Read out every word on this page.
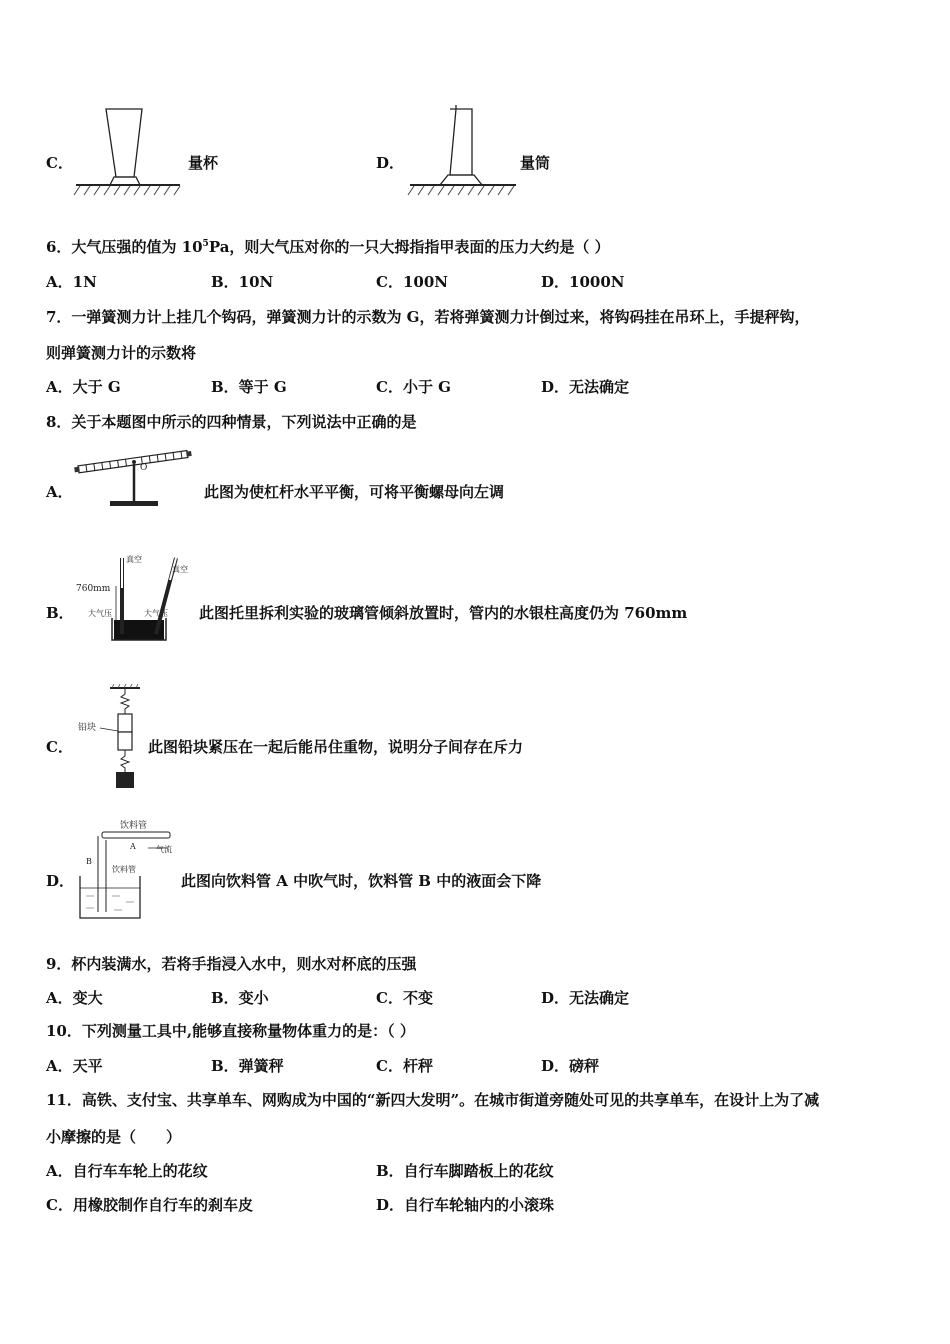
C．	量杯	D．	量筒
6．大气压强的值为 $10^5Pa$，则大气压对你的一只大拇指指甲表面的压力大约是（ ）
A．1N	B．10N	C．100N	D．1000N
7．一弹簧测力计上挂几个钩码，弹簧测力计的示数为 G，若将弹簧测力计倒过来，将钩码挂在吊环上，手提秤钩，
则弹簧测力计的示数将
A．大于 G	B．等于 G	C．小于 G	D．无法确定
8．关于本题图中所示的四种情景，下列说法中正确的是
A．
O
此图为使杠杆水平平衡，可将平衡螺母向左调
B．
真空
真空
760mm
大气压	大气压 此图托里拆利实验的玻璃管倾斜放置时，管内的水银柱高度仍为 760mm
C．
铅块
此图铅块紧压在一起后能吊住重物，说明分子间存在斥力
D．
饮料管
A	气流
B
饮料管
此图向饮料管 A 中吹气时，饮料管 B 中的液面会下降
9．杯内装满水，若将手指浸入水中，则水对杯底的压强
A．变大	B．变小	C．不变	D．无法确定
10．下列测量工具中,能够直接称量物体重力的是：（ ）
A．天平	B．弹簧秤	C．杆秤	D．磅秤
11．高铁、支付宝、共享单车、网购成为中国的“新四大发明”。在城市街道旁随处可见的共享单车，在设计上为了减
小摩擦的是（　　）
A．自行车车轮上的花纹	B．自行车脚踏板上的花纹
C．用橡胶制作自行车的刹车皮	D．自行车轮轴内的小滚珠
